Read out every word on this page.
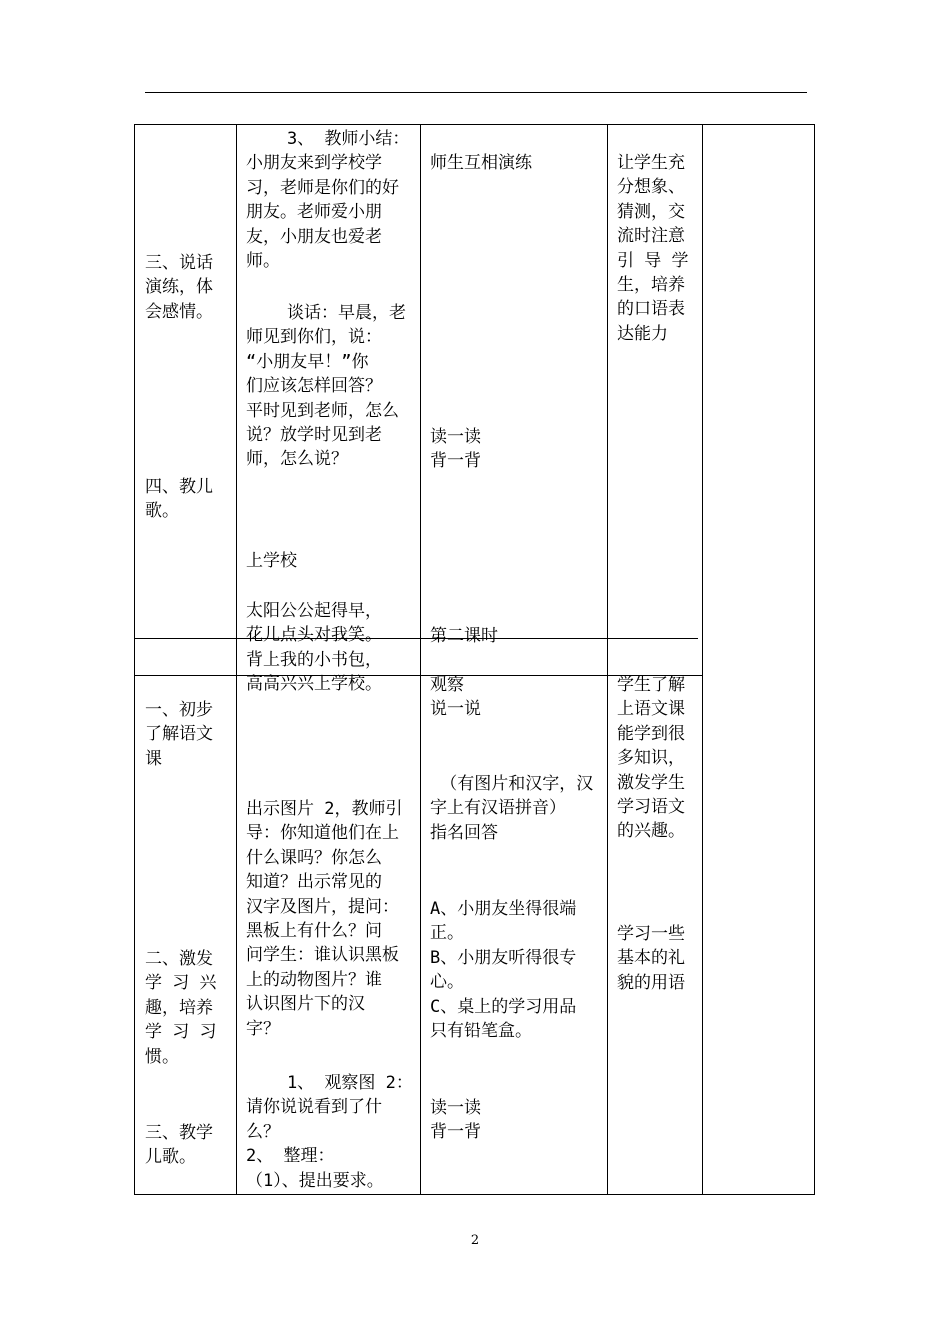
三、说话
演练，体
会感情。
四、教儿
歌。
一、初步
了解语文
课
二、激发
学 习 兴
趣，培养
学 习 习
惯。
三、教学
儿歌。
3、 教师小结：
小朋友来到学校学
习，老师是你们的好
朋友。老师爱小朋
友，小朋友也爱老
师。
谈话：早晨，老
师见到你们，说：
“小朋友早！”你
们应该怎样回答？
平时见到老师，怎么
说？放学时见到老
师，怎么说？
上学校
太阳公公起得早，
花儿点头对我笑。
背上我的小书包，
高高兴兴上学校。
出示图片 2，教师引
导：你知道他们在上
什么课吗？你怎么
知道？出示常见的
汉字及图片，提问：
黑板上有什么？问
问学生：谁认识黑板
上的动物图片？谁
认识图片下的汉
字？
1、 观察图 2：
请你说说看到了什
么？
2、 整理：
（1）、提出要求。
师生互相演练
读一读
背一背
第二课时
观察
说一说
（有图片和汉字，汉
字上有汉语拼音）
指名回答
A、小朋友坐得很端
正。
B、小朋友听得很专
心。
C、桌上的学习用品
只有铅笔盒。
读一读
背一背
让学生充
分想象、
猜测，交
流时注意
引 导 学
生，培养
的口语表
达能力
学生了解
上语文课
能学到很
多知识，
激发学生
学习语文
的兴趣。
学习一些
基本的礼
貌的用语
2
